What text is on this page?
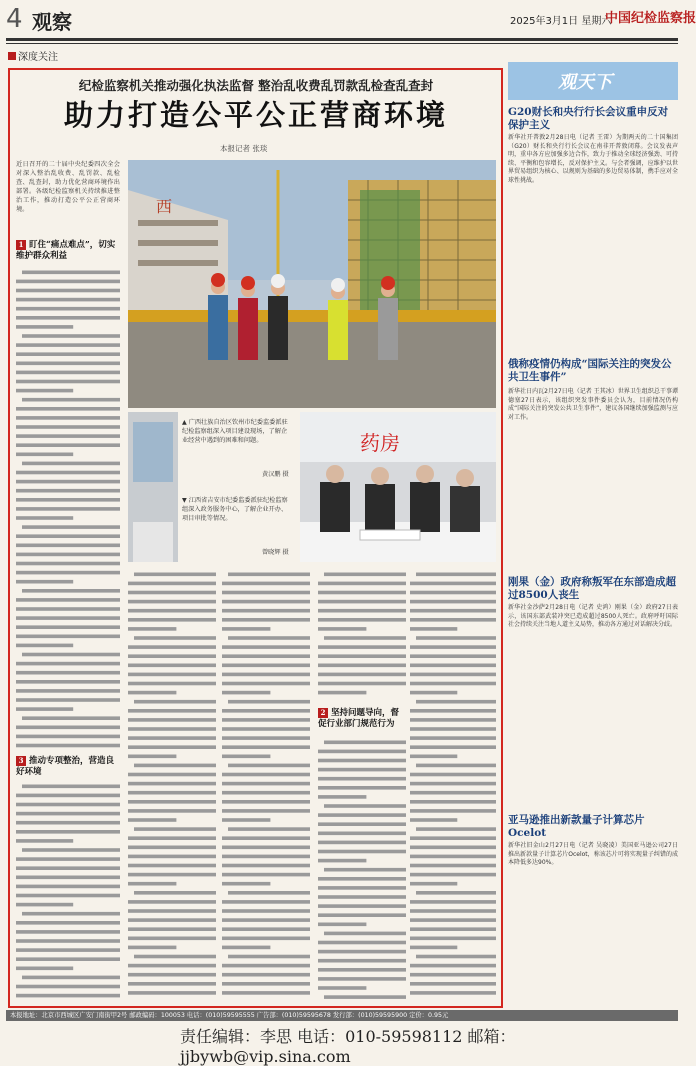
4 观察	2025年3月1日 星期六
中国纪检监察报
深度关注
纪检监察机关推动强化执法监督 整治乱收费乱罚款乱检查乱查封
助力打造公平公正营商环境
本报记者 张琰
近日召开的二十届中央纪委四次全会对深入整治乱收费、乱罚款、乱检查、乱查封，助力优化营商环境作出部署。各级纪检监察机关持续推进整治工作，推动打造公平公正营商环境。
1 盯住“痛点难点”，切实维护群众利益
3 推动专项整治，营造良好环境
西
▲ 广西壮族自治区钦州市纪委监委派驻纪检监察组深入项目建设现场，了解企业经营中遇到的困难和问题。
黄汉鹏 摄
▼ 江西省吉安市纪委监委派驻纪检监察组深入政务服务中心，了解企业开办、项目审批等情况。
曾晓辉 摄
药房
2 坚持问题导向，督促行业部门规范行为
观天下
G20财长和央行行长会议重申反对保护主义
新华社开普敦2月28日电（记者 王雷）为期两天的二十国集团（G20）财长和央行行长会议在南非开普敦闭幕。会议发表声明，重申各方应加强多边合作，致力于推动全球经济强劲、可持续、平衡和包容增长，反对保护主义。与会者强调，应维护以世界贸易组织为核心、以规则为基础的多边贸易体制，携手应对全球性挑战。
俄称疫情仍构成“国际关注的突发公共卫生事件”
新华社日内瓦2月27日电（记者 王其冰）世界卫生组织总干事谭德塞27日表示，该组织突发事件委员会认为，目前情况仍构成“国际关注的突发公共卫生事件”，建议各国继续加强监测与应对工作。
刚果（金）政府称叛军在东部造成超过8500人丧生
新华社金沙萨2月28日电（记者 史鸿）刚果（金）政府27日表示，该国东部武装冲突已造成超过8500人死亡。政府呼吁国际社会持续关注当地人道主义局势，推动各方通过对话解决分歧。
亚马逊推出新款量子计算芯片Ocelot
新华社旧金山2月27日电（记者 吴晓凌）美国亚马逊公司27日推出新款量子计算芯片Ocelot，称该芯片可将实现量子纠错的成本降低多达90%。
本报地址：北京市西城区广安门南街甲2号 邮政编码：100053 电话：(010)59595555 广告部：(010)59595678 发行部：(010)59595900 定价：0.95元
责任编辑：李思 电话：010-59598112 邮箱：jjbywb@vip.sina.com
